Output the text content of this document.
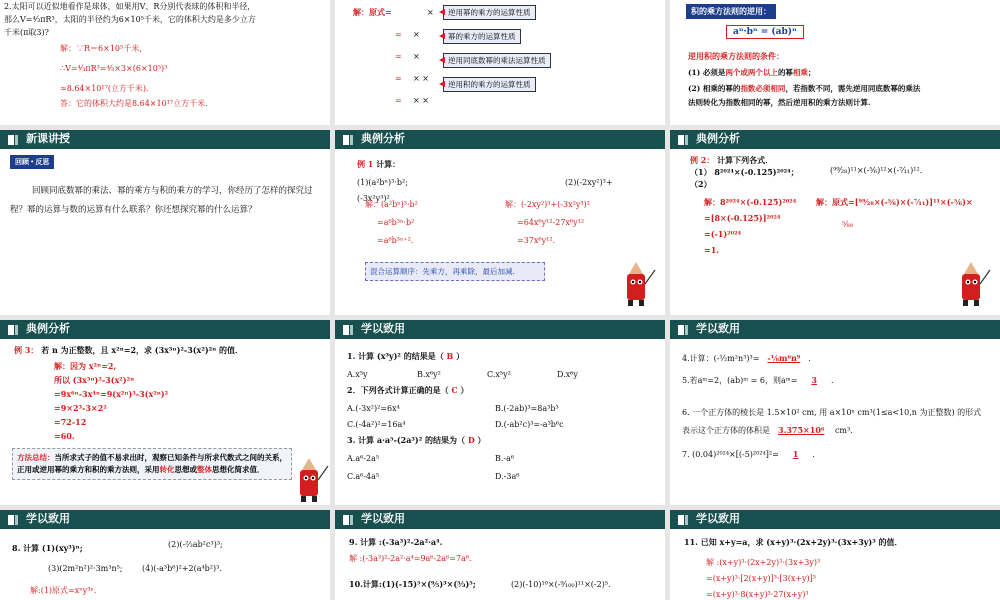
2.太阳可以近似地看作是球体，如果用V、R分别代表球的体积和半径，
那么V=⁴⁄₃πR³，太阳的半径约为6×10⁵千米，它的体积大约是多少立方
千米(π取3)?
解：∵R＝6×10⁵千米，
∴V=⁴⁄₃πR³=⁴⁄₃×3×(6×10⁵)³
≈8.64×10¹⁷(立方千米).
答：它的体积大约是8.64×10¹⁷立方千米.
解：原式=
=
=
=
=
×
×
×
× ×
× ×
逆用幂的乘方的运算性质
幂的乘方的运算性质
逆用同底数幂的乘法运算性质
逆用积的乘方的运算性质
积的乘方法则的逆用：
aⁿ·bⁿ = (ab)ⁿ
逆用积的乘方法则的条件：
(1) 必须是两个或两个以上的幂相乘；
(2) 相乘的幂的指数必须相同，若指数不同，需先逆用同底数幂的乘法
法则转化为指数相同的幂，然后逆用积的乘方法则计算.
新课讲授
回顾 • 反思
回顾同底数幂的乘法、幂的乘方与积的乘方的学习，你经历了怎样的探究过程？幂的运算与数的运算有什么联系？你还想探究幂的什么运算？
典例分析
例 1 计算：
(1)(a²bⁿ)³·b²;	(2)(-2xy²)³+
(-3x²y³)²
解：(a²bⁿ)³·b²
=a⁶b³ⁿ·b²
=a⁶b³ⁿ⁺².
解：(-2xy²)³+(-3x²y³)²
=64x⁶y¹²-27x⁶y¹²
=37x⁶y¹².
混合运算顺序：先乘方，再乘除，最后加减.
典例分析
例 2： 计算下列各式．
（1） 8²⁰²⁴×(-0.125)²⁰²⁴；	(⁹⁹⁄₂₈)¹¹×(-⁵⁄₆)¹²×(-⁷⁄₁₁)¹².
（2）
解：8²⁰²⁴×(-0.125)²⁰²⁴
=[8×(-0.125)]²⁰²⁴
=(-1)²⁰²⁴
=1.
解：原式=[⁹⁹⁄₂₈×(-⁵⁄₆)×(-⁷⁄₁₁)]¹¹×(-⁵⁄₆)×
⁵⁄₈₈
典例分析
例 3： 若 n 为正整数，且 x²ⁿ=2，求 (3x³ⁿ)²-3(x²)²ⁿ 的值．
解：因为 x²ⁿ=2,
所以 (3x³ⁿ)²-3(x²)²ⁿ
=9x⁶ⁿ-3x⁴ⁿ=9(x²ⁿ)³-3(x²ⁿ)²
=9×2³-3×2²
=72-12
=60.
方法总结：当所求式子的值不易求出时，观察已知条件与所求代数式之间的关系，正用或逆用幂的乘方和积的乘方法则，采用转化思想或整体思想化简求值．
学以致用
1. 计算 (x³y)² 的结果是（ B ）
A.x⁵y	B.x⁶y²	C.x⁵y²	D.x⁶y
2．下列各式计算正确的是（ C ）
A.(-3x²)²=6x⁴	B.(-2ab)³=8a³b³
C.(-4a²)²=16a⁴	D.(-ab²c)³=-a³b⁶c
3. 计算 a·a⁵-(2a³)² 的结果为（ D ）
A.a⁶-2a⁵	B.-a⁶
C.a⁶-4a⁵	D.-3a⁶
学以致用
4.计算：(-½m²n³)³= -⅛m⁶n⁹ .
5.若aᵐ=2，(ab)ᵐ = 6，则aᵐ= 3 .
6. 一个正方体的棱长是 1.5×10² cm, 用 a×10ⁿ cm³(1≤a<10,n 为正整数) 的形式表示这个正方体的体积是 3.375×10⁶ cm³.
7. (0.04)²⁰²⁴×[(-5)²⁰²⁴]²= 1 .
学以致用
8. 计算 (1)(xy³)ⁿ;	(2)(-⅔ab²c³)³;
(3)(2m²n²)²·3m³n⁵; (4)(-a³b⁶)²+2(a⁴b²)³.
解:(1)原式=xⁿy³ⁿ.
学以致用
9. 计算 :(-3a³)²-2a²·a⁴.
解 :(-3a³)²-2a²·a⁴=9a⁶-2a⁶=7a⁶.
10.计算:(1)(-15)⁵×(⁹⁄₅)³×(⁵⁄₃)⁵;	(2)(-10)¹⁰×(-⁹⁄₁₀₀)¹¹×(-2)⁵.
学以致用
11. 已知 x+y=a，求 (x+y)³·(2x+2y)³·(3x+3y)³ 的值．
解 :(x+y)³·(2x+2y)³·(3x+3y)³
=(x+y)³·[2(x+y)]³·[3(x+y)]³
=(x+y)³·8(x+y)³·27(x+y)³
